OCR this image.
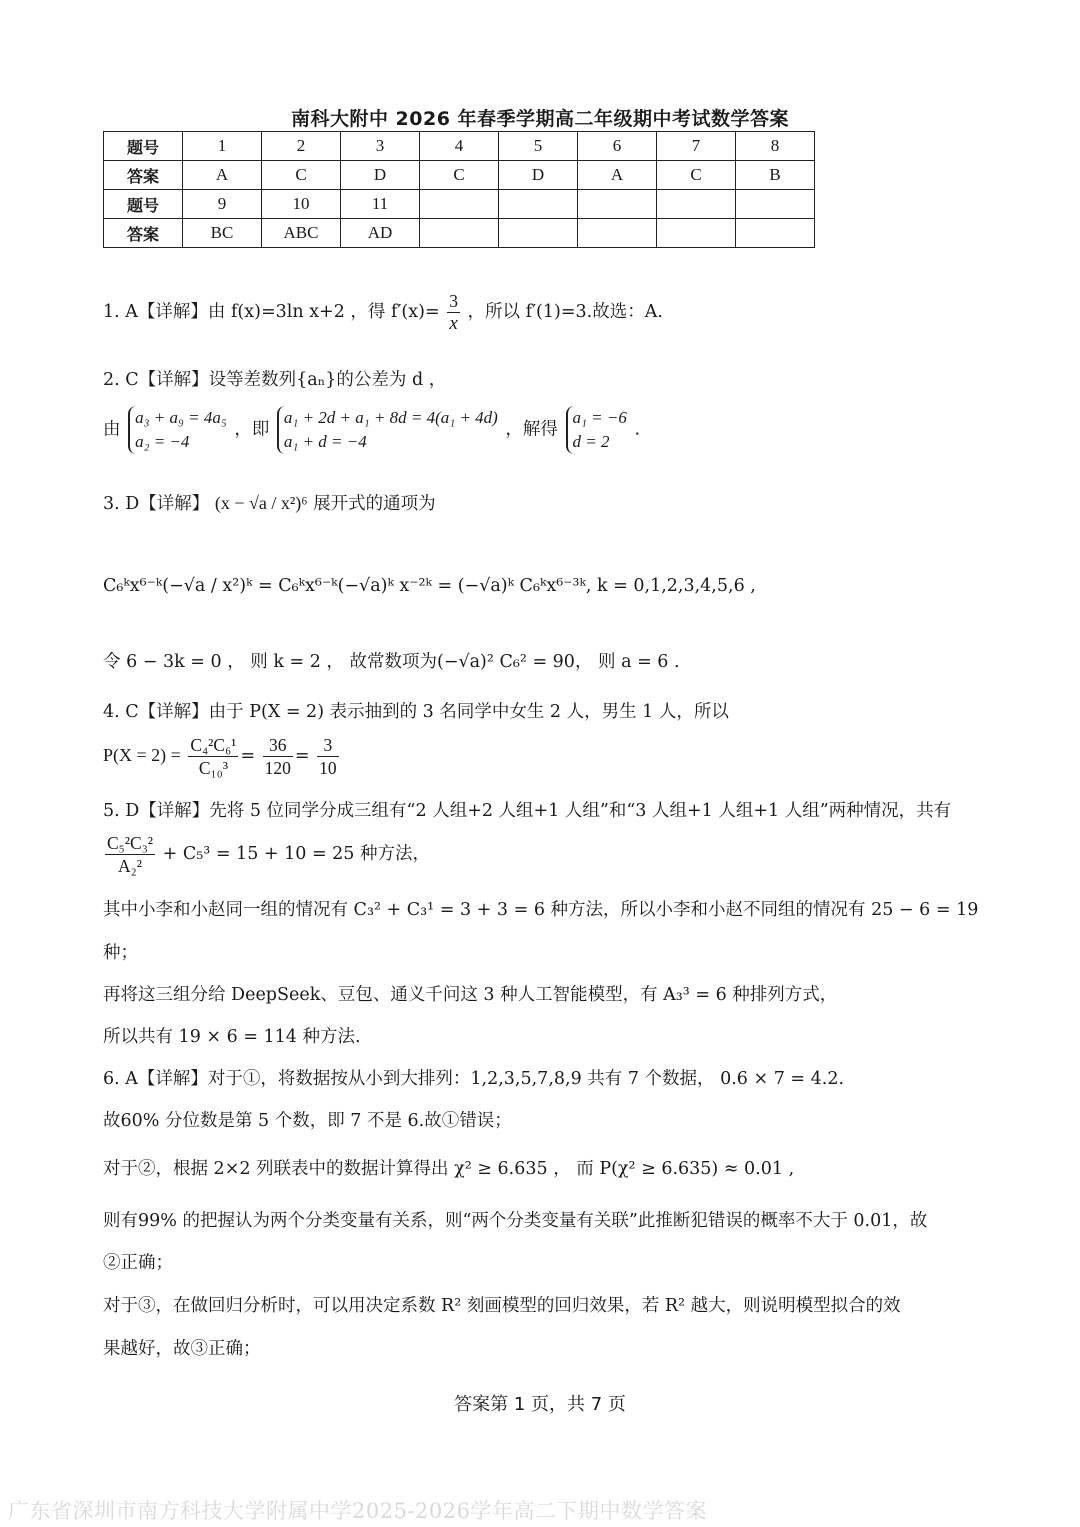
南科大附中 2026 年春季学期高二年级期中考试数学答案
题号	1	2	3	4	5	6	7	8
答案	A	C	D	C	D	A	C	B
题号	9	10	11					
答案	BC	ABC	AD					
1. A【详解】由 f(x)=3ln x+2 ，得 $f'(x)= \frac{3}{x}$ ，所以 f′(1)=3.故选：A.
2. C【详解】设等差数列{aₙ}的公差为 d ，
由
a₃ + a₉ = 4a₅
a₂ = −4
，即
a₁ + 2d + a₁ + 8d = 4(a₁ + 4d)
a₁ + d = −4
，解得
a₁ = −6
d = 2
.
3. D【详解】 (x − √a / x²)⁶ 展开式的通项为
C₆ᵏx⁶⁻ᵏ(−√a / x²)ᵏ = C₆ᵏx⁶⁻ᵏ(−√a)ᵏ x⁻²ᵏ = (−√a)ᵏ C₆ᵏx⁶⁻³ᵏ, k = 0,1,2,3,4,5,6 ,
令 6 − 3k = 0 ， 则 k = 2 ， 故常数项为(−√a)² C₆² = 90， 则 a = 6 .
4. C【详解】由于 P(X = 2) 表示抽到的 3 名同学中女生 2 人，男生 1 人，所以
$P(X = 2) = \frac{\text{C₄²C₆¹}}{\text{C₁₀³}} = \frac{36}{120} = \frac{3}{10}$
5. D【详解】先将 5 位同学分成三组有“2 人组+2 人组+1 人组”和“3 人组+1 人组+1 人组”两种情况，共有
$\frac{\text{C₅²C₃²}}{\text{A₂²}} + C_5^3 = 15 + 10 = 25$ 种方法，
其中小李和小赵同一组的情况有 C₃² + C₃¹ = 3 + 3 = 6 种方法，所以小李和小赵不同组的情况有 25 − 6 = 19
种；
再将这三组分给 DeepSeek、豆包、通义千问这 3 种人工智能模型，有 A₃³ = 6 种排列方式，
所以共有 19 × 6 = 114 种方法.
6. A【详解】对于①，将数据按从小到大排列：1,2,3,5,7,8,9 共有 7 个数据， 0.6 × 7 = 4.2.
故60% 分位数是第 5 个数，即 7 不是 6.故①错误；
对于②，根据 2×2 列联表中的数据计算得出 χ² ≥ 6.635 ， 而 P(χ² ≥ 6.635) ≈ 0.01 ,
则有99% 的把握认为两个分类变量有关系，则“两个分类变量有关联”此推断犯错误的概率不大于 0.01，故
②正确；
对于③，在做回归分析时，可以用决定系数 R² 刻画模型的回归效果，若 R² 越大，则说明模型拟合的效
果越好，故③正确；
答案第 1 页，共 7 页
广东省深圳市南方科技大学附属中学2025-2026学年高二下期中数学答案
